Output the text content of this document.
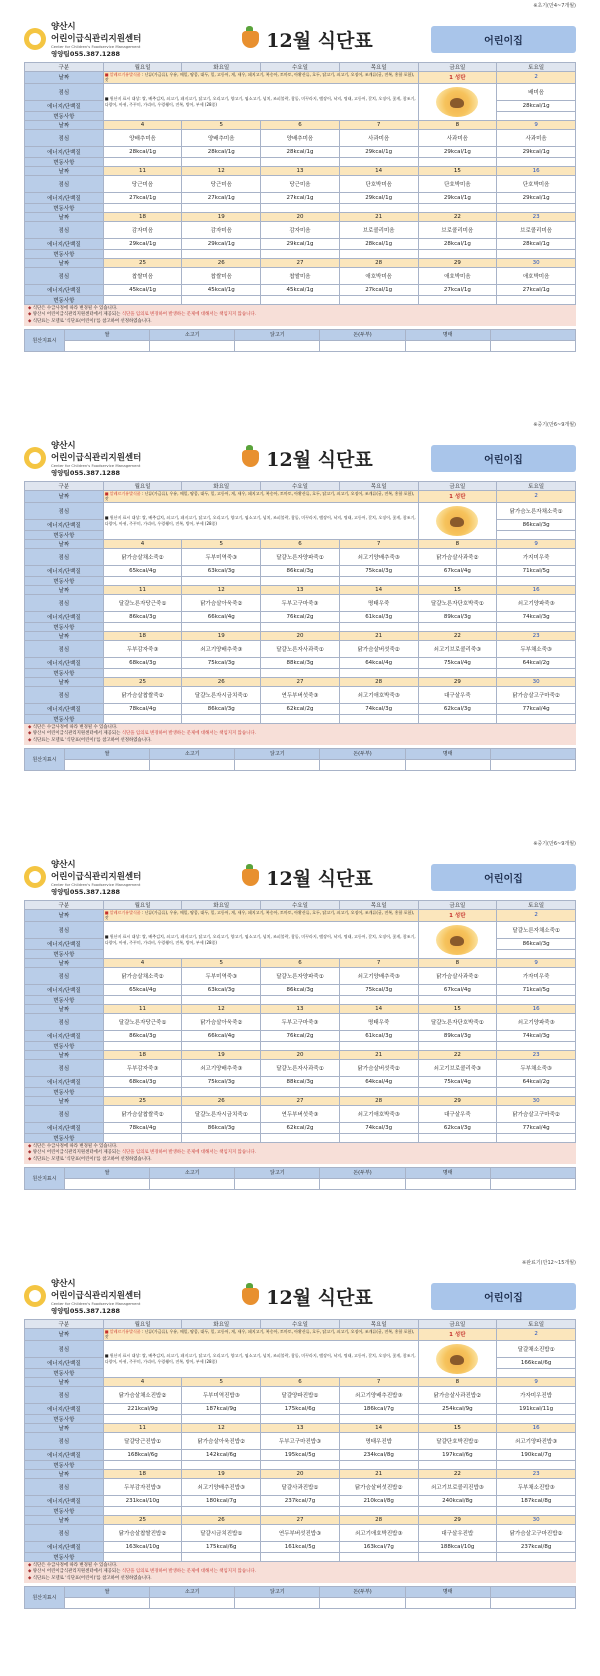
※초기(만4~7개월)
양산시
어린이급식관리지원센터
Center for Children's Foodservice Management
영양팀055.387.1288
12월 식단표	어린이집
구분	월요일	화요일	수요일	목요일	금요일	토요일
날짜	■ 알레르기유발식품 : 난류(가금류), 우유, 메밀, 땅콩, 대두, 밀, 고등어, 게, 새우, 돼지고기, 복숭아, 토마토, 아황산류, 호두, 닭고기, 쇠고기, 오징어, 조개류(굴, 전복, 홍합 포함), 잣				1 성탄	2
점심	■ 원산지 표시 대상: 쌀, 배추김치, 쇠고기, 돼지고기, 닭고기, 오리고기, 양고기, 염소고기, 넙치, 조피볼락, 참돔, 미꾸라지, 뱀장어, 낙지, 명태, 고등어, 갈치, 오징어, 꽃게, 참조기, 다랑어, 아귀, 주꾸미, 가리비, 우렁쉥이, 전복, 방어, 부세 (28종)					배미음
에너지/단백질						28kcal/1g
변동사항						
날짜	4	5	6	7	8	9
점심	양배추미음	양배추미음	양배추미음	사과미음	사과미음	사과미음
에너지/단백질	28kcal/1g	28kcal/1g	28kcal/1g	29kcal/1g	29kcal/1g	29kcal/1g
변동사항						
날짜	11	12	13	14	15	16
점심	당근미음	당근미음	당근미음	단호박미음	단호박미음	단호박미음
에너지/단백질	27kcal/1g	27kcal/1g	27kcal/1g	29kcal/1g	29kcal/1g	29kcal/1g
변동사항						
날짜	18	19	20	21	22	23
점심	감자미음	감자미음	감자미음	브로콜리미음	브로콜리미음	브로콜리미음
에너지/단백질	29kcal/1g	29kcal/1g	29kcal/1g	28kcal/1g	28kcal/1g	28kcal/1g
변동사항						
날짜	25	26	27	28	29	30
점심	찹쌀미음	찹쌀미음	찹쌀미음	애호박미음	애호박미음	애호박미음
에너지/단백질	45kcal/1g	45kcal/1g	45kcal/1g	27kcal/1g	27kcal/1g	27kcal/1g
변동사항						
◆ 식단은 수급사정에 따라 변경될 수 있습니다.
◆ 양산시 어린이급식관리지원센터에서 제공되는 식단을 임의로 변경하여 발생하는 문제에 대해서는 책임지지 않습니다.
◆ 식단표는 모델로 '식단표(어린이)'를 참고하여 선정하였습니다.
원산지표시	쌀	소고기	닭고기	돈(두부)	명태	

※중기(만6~9개월)
양산시
어린이급식관리지원센터
Center for Children's Foodservice Management
영양팀055.387.1288
12월 식단표	어린이집
구분	월요일	화요일	수요일	목요일	금요일	토요일
날짜	■ 알레르기유발식품 : 난류(가금류), 우유, 메밀, 땅콩, 대두, 밀, 고등어, 게, 새우, 돼지고기, 복숭아, 토마토, 아황산류, 호두, 닭고기, 쇠고기, 오징어, 조개류(굴, 전복, 홍합 포함), 잣				1 성탄	2
점심	■ 원산지 표시 대상: 쌀, 배추김치, 쇠고기, 돼지고기, 닭고기, 오리고기, 양고기, 염소고기, 넙치, 조피볼락, 참돔, 미꾸라지, 뱀장어, 낙지, 명태, 고등어, 갈치, 오징어, 꽃게, 참조기, 다랑어, 아귀, 주꾸미, 가리비, 우렁쉥이, 전복, 방어, 부세 (28종)					닭가슴노른자채소죽①
에너지/단백질						86kcal/3g
변동사항						
날짜	4	5	6	7	8	9
점심	닭가슴살채소죽②	두부미역죽③	달걀노른자양파죽①	쇠고기양배추죽③	닭가슴살사과죽②	가지미우죽
에너지/단백질	65kcal/4g	63kcal/3g	86kcal/3g	75kcal/3g	67kcal/4g	71kcal/5g
변동사항						
날짜	11	12	13	14	15	16
점심	달걀노른자당근죽①	닭가슴살아욱죽②	두부고구마죽③	명태우죽	달걀노른자단호박죽①	쇠고기양파죽③
에너지/단백질	86kcal/3g	66kcal/4g	76kcal/2g	61kcal/3g	89kcal/3g	74kcal/3g
변동사항						
날짜	18	19	20	21	22	23
점심	두부감자죽③	쇠고기양배추죽③	달걀노른자사과죽①	닭가슴살버섯죽②	쇠고기브로콜리죽③	두부채소죽③
에너지/단백질	68kcal/3g	75kcal/3g	88kcal/3g	64kcal/4g	75kcal/4g	64kcal/2g
변동사항						
날짜	25	26	27	28	29	30
점심	닭가슴살찹쌀죽②	달걀노른자시금치죽①	연두부버섯죽③	쇠고기애호박죽③	대구살우죽	닭가슴살고구마죽②
에너지/단백질	78kcal/4g	86kcal/3g	62kcal/2g	74kcal/3g	62kcal/3g	77kcal/4g
변동사항						
◆ 식단은 수급사정에 따라 변경될 수 있습니다.
◆ 양산시 어린이급식관리지원센터에서 제공되는 식단을 임의로 변경하여 발생하는 문제에 대해서는 책임지지 않습니다.
◆ 식단표는 모델로 '식단표(어린이)'를 참고하여 선정하였습니다.
원산지표시	쌀	소고기	닭고기	돈(두부)	명태	

※중기(만6~9개월)
양산시
어린이급식관리지원센터
Center for Children's Foodservice Management
영양팀055.387.1288
12월 식단표	어린이집
구분	월요일	화요일	수요일	목요일	금요일	토요일
날짜	■ 알레르기유발식품 : 난류(가금류), 우유, 메밀, 땅콩, 대두, 밀, 고등어, 게, 새우, 돼지고기, 복숭아, 토마토, 아황산류, 호두, 닭고기, 쇠고기, 오징어, 조개류(굴, 전복, 홍합 포함), 잣				1 성탄	2
점심	■ 원산지 표시 대상: 쌀, 배추김치, 쇠고기, 돼지고기, 닭고기, 오리고기, 양고기, 염소고기, 넙치, 조피볼락, 참돔, 미꾸라지, 뱀장어, 낙지, 명태, 고등어, 갈치, 오징어, 꽃게, 참조기, 다랑어, 아귀, 주꾸미, 가리비, 우렁쉥이, 전복, 방어, 부세 (28종)					달걀노른자채소죽①
에너지/단백질						86kcal/3g
변동사항						
날짜	4	5	6	7	8	9
점심	닭가슴살채소죽②	두부미역죽③	달걀노른자양파죽①	쇠고기양배추죽③	닭가슴살사과죽②	가자미우죽
에너지/단백질	65kcal/4g	63kcal/3g	86kcal/3g	75kcal/3g	67kcal/4g	71kcal/5g
변동사항						
날짜	11	12	13	14	15	16
점심	달걀노른자당근죽①	닭가슴살아욱죽②	두부고구마죽③	명태우죽	달걀노른자단호박죽①	쇠고기양파죽③
에너지/단백질	86kcal/3g	66kcal/4g	76kcal/2g	61kcal/3g	89kcal/3g	74kcal/3g
변동사항						
날짜	18	19	20	21	22	23
점심	두부감자죽③	쇠고기양배추죽③	달걀노른자사과죽①	닭가슴살버섯죽②	쇠고기브로콜리죽③	두부채소죽③
에너지/단백질	68kcal/3g	75kcal/3g	88kcal/3g	64kcal/4g	75kcal/4g	64kcal/2g
변동사항						
날짜	25	26	27	28	29	30
점심	닭가슴살찹쌀죽②	달걀노른자시금치죽①	연두부버섯죽③	쇠고기애호박죽③	대구살우죽	닭가슴살고구마죽②
에너지/단백질	78kcal/4g	86kcal/3g	62kcal/2g	74kcal/3g	62kcal/3g	77kcal/4g
변동사항						
◆ 식단은 수급사정에 따라 변경될 수 있습니다.
◆ 양산시 어린이급식관리지원센터에서 제공되는 식단을 임의로 변경하여 발생하는 문제에 대해서는 책임지지 않습니다.
◆ 식단표는 모델로 '식단표(어린이)'를 참고하여 선정하였습니다.
원산지표시	쌀	소고기	닭고기	돈(두부)	명태	

※완료기(만12~15개월)
양산시
어린이급식관리지원센터
Center for Children's Foodservice Management
영양팀055.387.1288
12월 식단표	어린이집
구분	월요일	화요일	수요일	목요일	금요일	토요일
날짜	■ 알레르기유발식품 : 난류(가금류), 우유, 메밀, 땅콩, 대두, 밀, 고등어, 게, 새우, 돼지고기, 복숭아, 토마토, 아황산류, 호두, 닭고기, 쇠고기, 오징어, 조개류(굴, 전복, 홍합 포함), 잣				1 성탄	2
점심	■ 원산지 표시 대상: 쌀, 배추김치, 쇠고기, 돼지고기, 닭고기, 오리고기, 양고기, 염소고기, 넙치, 조피볼락, 참돔, 미꾸라지, 뱀장어, 낙지, 명태, 고등어, 갈치, 오징어, 꽃게, 참조기, 다랑어, 아귀, 주꾸미, 가리비, 우렁쉥이, 전복, 방어, 부세 (28종)					달걀채소진밥①
에너지/단백질						166kcal/6g
변동사항						
날짜	4	5	6	7	8	9
점심	닭가슴살채소진밥②	두부미역진밥③	달걀양파진밥①	쇠고기양배추진밥③	닭가슴살사과진밥②	가자미우진밥
에너지/단백질	221kcal/9g	187kcal/9g	175kcal/6g	186kcal/7g	254kcal/9g	191kcal/11g
변동사항						
날짜	11	12	13	14	15	16
점심	달걀당근진밥①	닭가슴살아욱진밥②	두부고구마진밥③	명태우진밥	달걀단호박진밥①	쇠고기양파진밥③
에너지/단백질	168kcal/6g	142kcal/6g	195kcal/5g	234kcal/8g	197kcal/6g	190kcal/7g
변동사항						
날짜	18	19	20	21	22	23
점심	두부감자진밥③	쇠고기양배추진밥③	달걀사과진밥①	닭가슴살버섯진밥②	쇠고기브로콜리진밥③	두부채소진밥③
에너지/단백질	231kcal/10g	180kcal/7g	237kcal/7g	210kcal/8g	240kcal/8g	187kcal/8g
변동사항						
날짜	25	26	27	28	29	30
점심	닭가슴살찹쌀진밥②	달걀시금치진밥①	연두부버섯진밥③	쇠고기애호박진밥③	대구살우진밥	닭가슴살고구마진밥②
에너지/단백질	163kcal/10g	175kcal/6g	161kcal/5g	163kcal/7g	188kcal/10g	237kcal/8g
변동사항						
◆ 식단은 수급사정에 따라 변경될 수 있습니다.
◆ 양산시 어린이급식관리지원센터에서 제공되는 식단을 임의로 변경하여 발생하는 문제에 대해서는 책임지지 않습니다.
◆ 식단표는 모델로 '식단표(어린이)'를 참고하여 선정하였습니다.
원산지표시	쌀	소고기	닭고기	돈(두부)	명태	
